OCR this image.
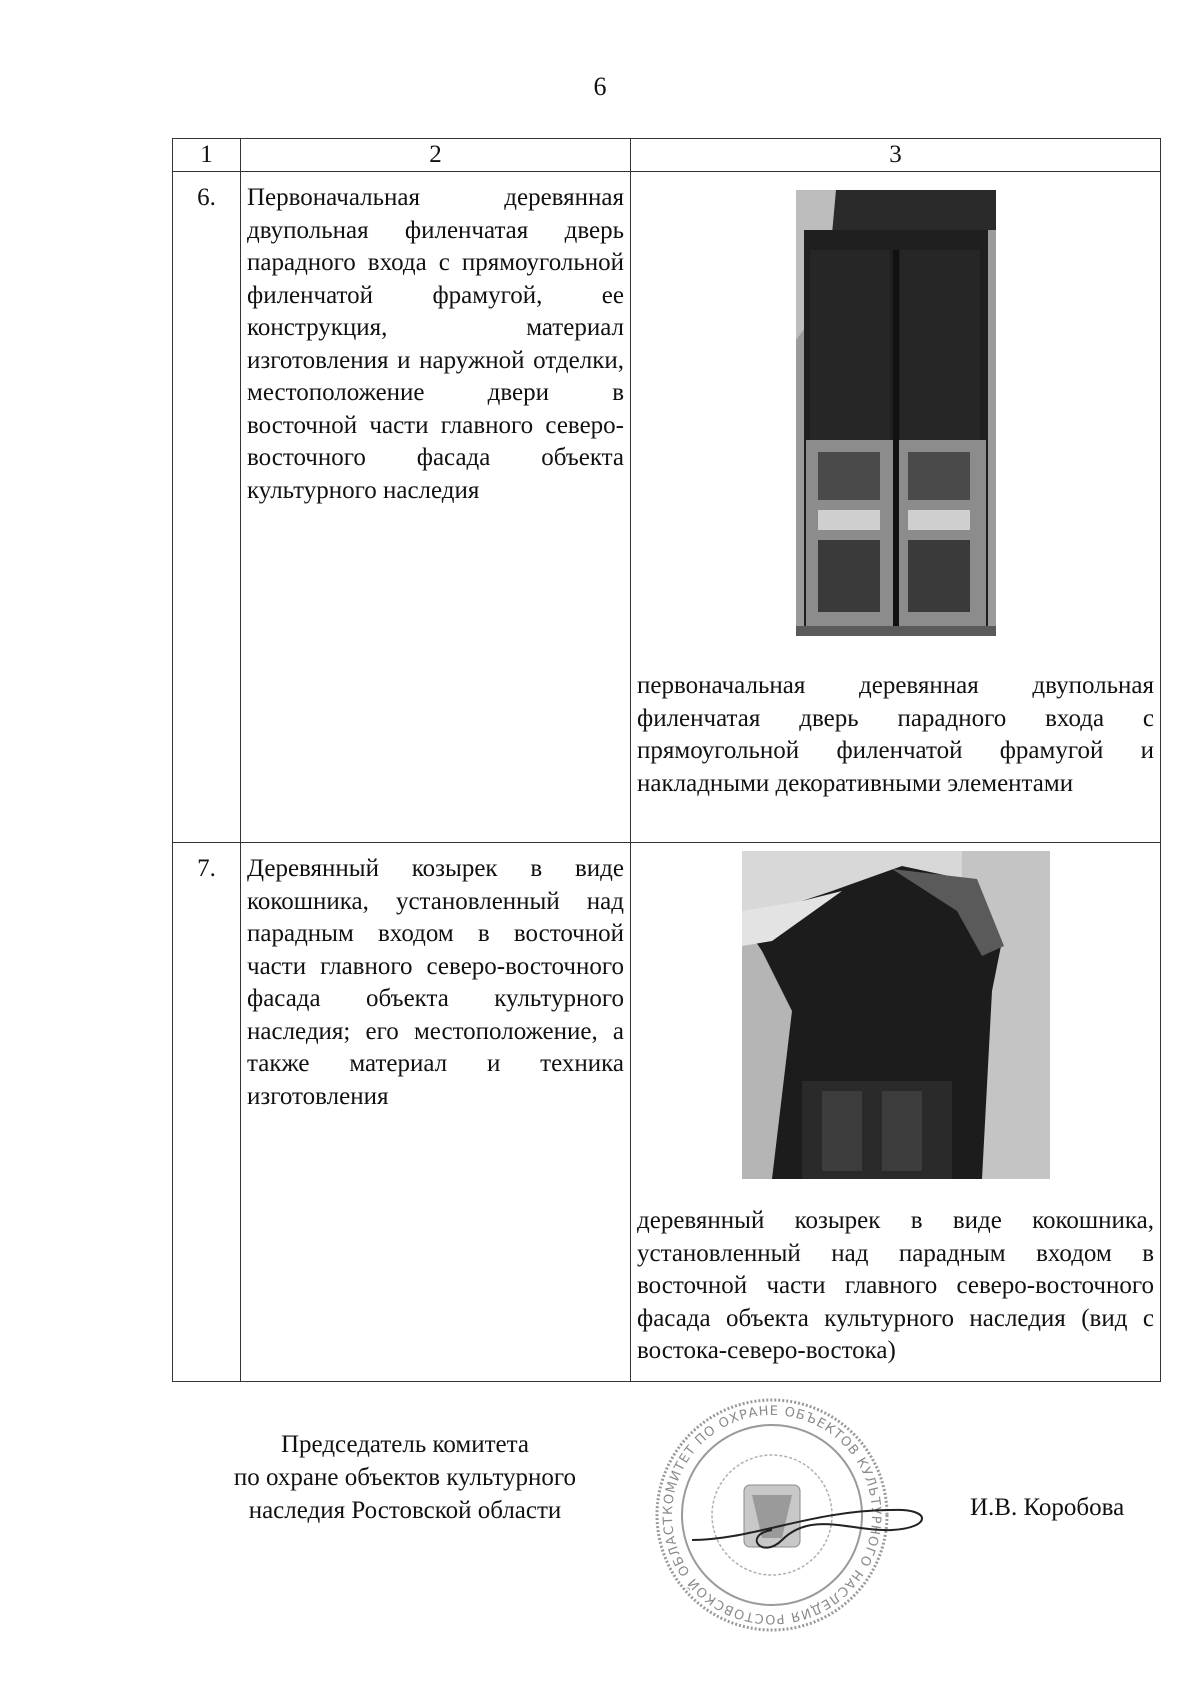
6
1	2	3
6.	Первоначальная деревянная двупольная филенчатая дверь парадного входа с прямоугольной филенчатой фрамугой, ее конструкция, материал изготовления и наружной отделки, местоположение двери в восточной части главного северо-восточного фасада объекта культурного наследия	первоначальная деревянная двупольная филенчатая дверь парадного входа с прямоугольной филенчатой фрамугой и накладными декоративными элементами

7.	Деревянный козырек в виде кокошника, установленный над парадным входом в восточной части главного северо-восточного фасада объекта культурного наследия; его местоположение, а также материал и техника изготовления	деревянный козырек в виде кокошника, установленный над парадным входом в восточной части главного северо-восточного фасада объекта культурного наследия (вид с востока-северо-востока)
Председатель комитета
по охране объектов культурного
наследия Ростовской области	КОМИТЕТ ПО ОХРАНЕ ОБЪЕКТОВ КУЛЬТУРНОГО НАСЛЕДИЯ РОСТОВСКОЙ ОБЛАСТ	И.В. Коробова
